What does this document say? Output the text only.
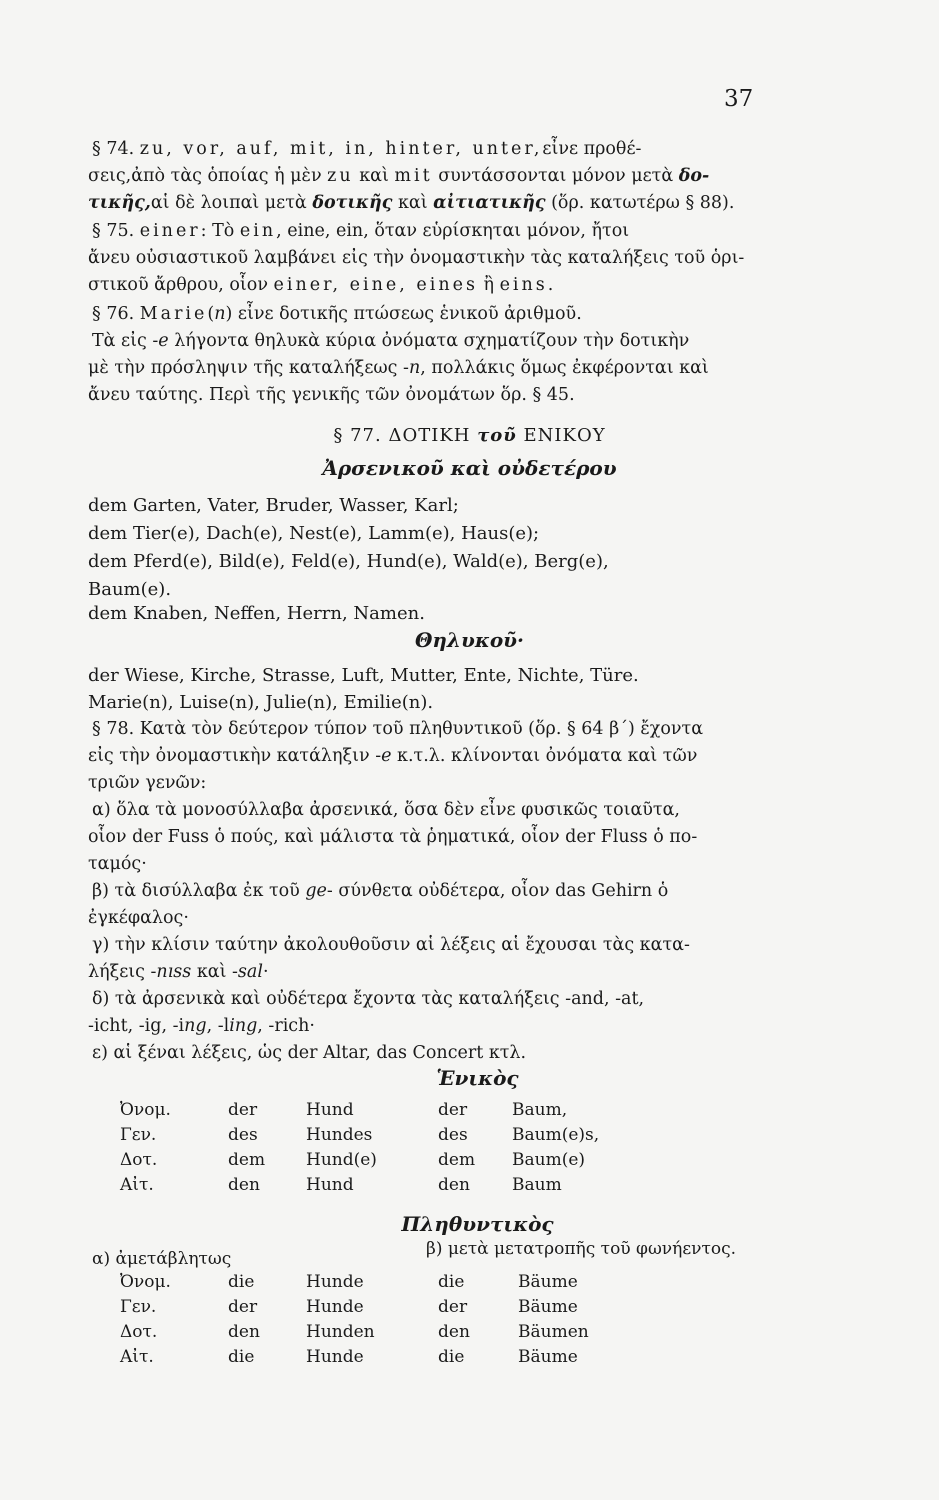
37
§ 74. zu, vor, auf, mit, in, hinter, unter,εἶνε προθέ-
σεις,ἀπὸ τὰς ὁποίας ἡ μὲν zu καὶ mit συντάσσονται μόνον μετὰ δο-
τικῆς,αἱ δὲ λοιπαὶ μετὰ δοτικῆς καὶ αἰτιατικῆς (ὅρ. κατωτέρω § 88).
§ 75. einer: Τὸ ein, eine, ein, ὅταν εὑρίσκηται μόνον, ἤτοι
ἄνευ οὐσιαστικοῦ λαμβάνει εἰς τὴν ὀνομαστικὴν τὰς καταλήξεις τοῦ ὁρι-
στικοῦ ἄρθρου, οἷον einer, eine, eines ἢ eins.
§ 76. Marie(n) εἶνε δοτικῆς πτώσεως ἑνικοῦ ἀριθμοῦ.
Τὰ εἰς -e λήγοντα θηλυκὰ κύρια ὀνόματα σχηματίζουν τὴν δοτικὴν
μὲ τὴν πρόσληψιν τῆς καταλήξεως -n, πολλάκις ὅμως ἐκφέρονται καὶ
ἄνευ ταύτης. Περὶ τῆς γενικῆς τῶν ὀνομάτων ὅρ. § 45.
§ 77. ΔΟΤΙΚΗ τοῦ ΕΝΙΚΟΥ
Ἀρσενικοῦ καὶ οὐδετέρου
dem Garten, Vater, Bruder, Wasser, Karl;
dem Tier(e), Dach(e), Nest(e), Lamm(e), Haus(e);
dem Pferd(e), Bild(e), Feld(e), Hund(e), Wald(e), Berg(e),
Baum(e).
dem Knaben, Neffen, Herrn, Namen.
Θηλυκοῦ·
der Wiese, Kirche, Strasse, Luft, Mutter, Ente, Nichte, Türe.
Marie(n), Luise(n), Julie(n), Emilie(n).
§ 78. Κατὰ τὸν δεύτερον τύπον τοῦ πληθυντικοῦ (ὅρ. § 64 β΄) ἔχοντα
εἰς τὴν ὀνομαστικὴν κατάληξιν -e κ.τ.λ. κλίνονται ὀνόματα καὶ τῶν
τριῶν γενῶν:
α) ὅλα τὰ μονοσύλλαβα ἀρσενικά, ὅσα δὲν εἶνε φυσικῶς τοιαῦτα,
οἷον der Fuss ὁ πούς, καὶ μάλιστα τὰ ῥηματικά, οἷον der Fluss ὁ πο-
ταμός·
β) τὰ δισύλλαβα ἐκ τοῦ ge- σύνθετα οὐδέτερα, οἷον das Gehirn ὁ
ἐγκέφαλος·
γ) τὴν κλίσιν ταύτην ἀκολουθοῦσιν αἱ λέξεις αἱ ἔχουσαι τὰς κατα-
λήξεις -nıss καὶ -sal·
δ) τὰ ἀρσενικὰ καὶ οὐδέτερα ἔχοντα τὰς καταλήξεις -and, -at,
-icht, -ig, -ing, -ling, -rich·
ε) αἱ ξέναι λέξεις, ὡς der Altar, das Concert κτλ.
Ἑνικὸς
Ὀνομ.	der	Hund	der	Baum,
Γεν.	des	Hundes	des	Baum(e)s,
Δοτ.	dem Hund(e)	dem Baum(e)
Αἰτ.	den	Hund	den Baum
Πληθυντικὸς
α) ἀμετάβλητως	β) μετὰ μετατροπῆς τοῦ φωνήεντος.
Ὀνομ.	die	Hunde	die	Bäume
Γεν.	der	Hunde	der	Bäume
Δοτ.	den	Hunden	den	Bäumen
Αἰτ.	die	Hunde	die	Bäume
